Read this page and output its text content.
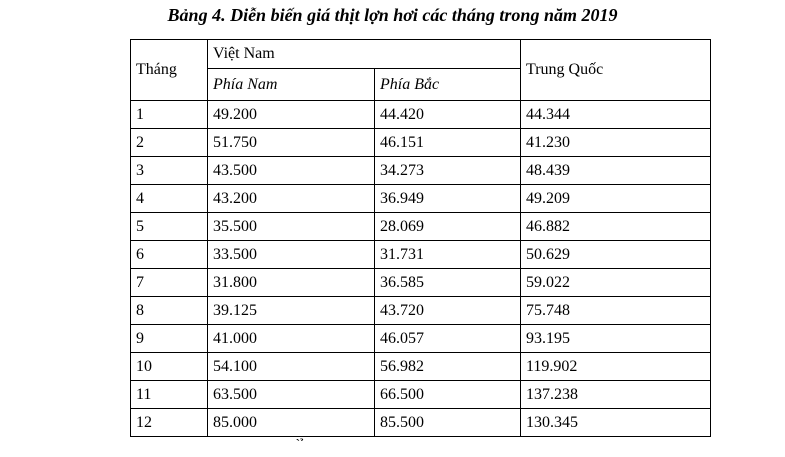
Bảng 4. Diễn biến giá thịt lợn hơi các tháng trong năm 2019
Tháng	Việt Nam		Trung Quốc
	Phía Nam	Phía Bắc	
1	49.200	44.420	44.344
2	51.750	46.151	41.230
3	43.500	34.273	48.439
4	43.200	36.949	49.209
5	35.500	28.069	46.882
6	33.500	31.731	50.629
7	31.800	36.585	59.022
8	39.125	43.720	75.748
9	41.000	46.057	93.195
10	54.100	56.982	119.902
11	63.500	66.500	137.238
12	85.000	85.500	130.345
̀ ̉
